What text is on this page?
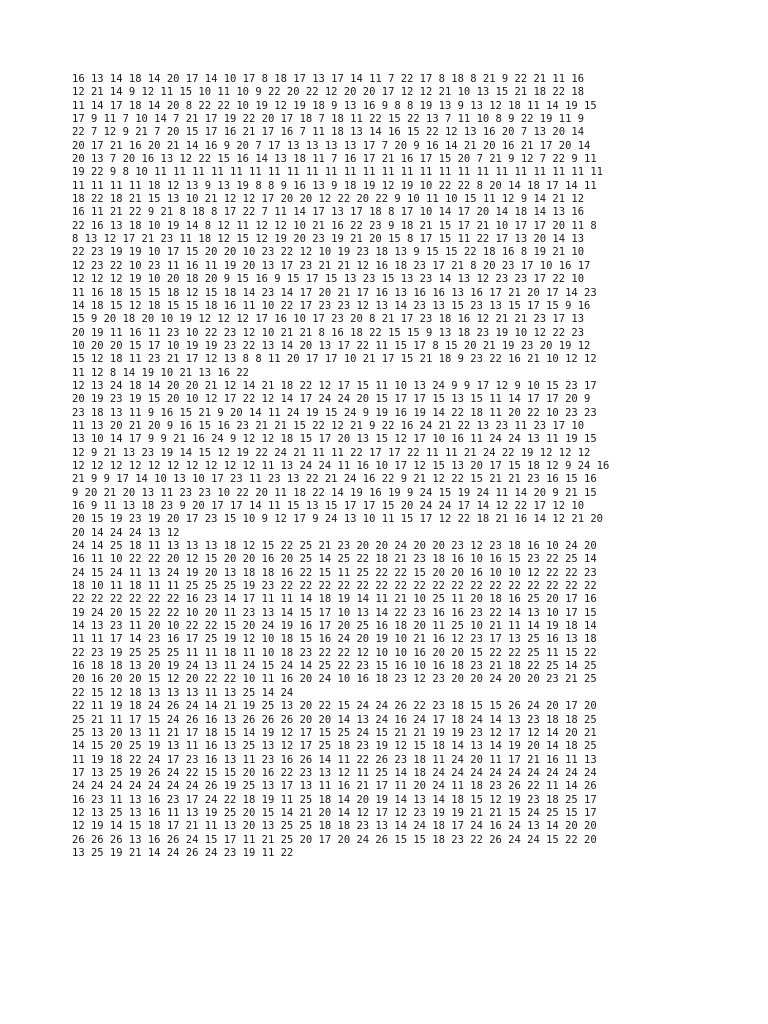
16 13 14 18 14 20 17 14 10 17 8 18 17 13 17 14 11 7 22 17 8 18 8 21 9 22 21 11 16
12 21 14 9 12 11 15 10 11 10 9 22 20 22 12 20 20 17 12 12 21 10 13 15 21 18 22 18
11 14 17 18 14 20 8 22 22 10 19 12 19 18 9 13 16 9 8 8 19 13 9 13 12 18 11 14 19 15
17 9 11 7 10 14 7 21 17 19 22 20 17 18 7 18 11 22 15 22 13 7 11 10 8 9 22 19 11 9
22 7 12 9 21 7 20 15 17 16 21 17 16 7 11 18 13 14 16 15 22 12 13 16 20 7 13 20 14
20 17 21 16 20 21 14 16 9 20 7 17 13 13 13 13 17 7 20 9 16 14 21 20 16 21 17 20 14
20 13 7 20 16 13 12 22 15 16 14 13 18 11 7 16 17 21 16 17 15 20 7 21 9 12 7 22 9 11
19 22 9 8 10 11 11 11 11 11 11 11 11 11 11 11 11 11 11 11 11 11 11 11 11 11 11 11 11
11 11 11 11 18 12 13 9 13 19 8 8 9 16 13 9 18 19 12 19 10 22 22 8 20 14 18 17 14 11
18 22 18 21 15 13 10 21 12 12 17 20 20 12 22 20 22 9 10 11 10 15 11 12 9 14 21 12
16 11 21 22 9 21 8 18 8 17 22 7 11 14 17 13 17 18 8 17 10 14 17 20 14 18 14 13 16
22 16 13 18 10 19 14 8 12 11 12 12 10 21 16 22 23 9 18 21 15 17 21 10 17 17 20 11 8
8 13 12 17 21 23 11 18 12 15 12 19 20 23 19 21 20 15 8 17 15 11 22 17 13 20 14 13
22 23 19 19 10 17 15 20 20 10 23 22 12 10 19 23 18 13 9 15 15 22 18 16 8 19 21 10
12 23 22 10 23 11 16 11 19 20 13 17 23 21 21 12 16 18 23 17 21 8 20 23 17 10 16 17
12 12 12 19 10 20 18 20 9 15 16 9 15 17 15 13 23 15 13 23 14 13 12 23 23 17 22 10
11 16 18 15 15 18 12 15 18 14 23 14 17 20 21 17 16 13 16 16 13 16 17 21 20 17 14 23
14 18 15 12 18 15 15 18 16 11 10 22 17 23 23 12 13 14 23 13 15 23 13 15 17 15 9 16
15 9 20 18 20 10 19 12 12 12 17 16 10 17 23 20 8 21 17 23 18 16 12 21 21 23 17 13
20 19 11 16 11 23 10 22 23 12 10 21 21 8 16 18 22 15 15 9 13 18 23 19 10 12 22 23
10 20 20 15 17 10 19 19 23 22 13 14 20 13 17 22 11 15 17 8 15 20 21 19 23 20 19 12
15 12 18 11 23 21 17 12 13 8 8 11 20 17 17 10 21 17 15 21 18 9 23 22 16 21 10 12 12
11 12 8 14 19 10 21 13 16 22
12 13 24 18 14 20 20 21 12 14 21 18 22 12 17 15 11 10 13 24 9 9 17 12 9 10 15 23 17
20 19 23 19 15 20 10 12 17 22 12 14 17 24 24 20 15 17 17 15 13 15 11 14 17 17 20 9
23 18 13 11 9 16 15 21 9 20 14 11 24 19 15 24 9 19 16 19 14 22 18 11 20 22 10 23 23
11 13 20 21 20 9 16 15 16 23 21 21 15 22 12 21 9 22 16 24 21 22 13 23 11 23 17 10
13 10 14 17 9 9 21 16 24 9 12 12 18 15 17 20 13 15 12 17 10 16 11 24 24 13 11 19 15
12 9 21 13 23 19 14 15 12 19 22 24 21 11 11 22 17 17 22 11 11 21 24 22 19 12 12 12
12 12 12 12 12 12 12 12 12 12 11 13 24 24 11 16 10 17 12 15 13 20 17 15 18 12 9 24 16
21 9 9 17 14 10 13 10 17 23 11 23 13 22 21 24 16 22 9 21 12 22 15 21 21 23 16 15 16
9 20 21 20 13 11 23 23 10 22 20 11 18 22 14 19 16 19 9 24 15 19 24 11 14 20 9 21 15
16 9 11 13 18 23 9 20 17 17 14 11 15 13 15 17 17 15 20 24 24 17 14 12 22 17 12 10
20 15 19 23 19 20 17 23 15 10 9 12 17 9 24 13 10 11 15 17 12 22 18 21 16 14 12 21 20
20 14 24 24 13 12
24 14 25 18 11 13 13 13 18 12 15 22 25 21 23 20 20 24 20 20 23 12 23 18 16 10 24 20
16 11 10 22 22 20 12 15 20 20 16 20 25 14 25 22 18 21 23 18 16 10 16 15 23 22 25 14
24 15 24 11 13 24 19 20 13 18 18 16 22 15 11 25 22 22 15 20 20 16 10 10 12 22 22 23
18 10 11 18 11 11 25 25 25 19 23 22 22 22 22 22 22 22 22 22 22 22 22 22 22 22 22 22
22 22 22 22 22 22 16 23 14 17 11 11 14 18 19 14 11 21 10 25 11 20 18 16 25 20 17 16
19 24 20 15 22 22 10 20 11 23 13 14 15 17 10 13 14 22 23 16 16 23 22 14 13 10 17 15
14 13 23 11 20 10 22 22 15 20 24 19 16 17 20 25 16 18 20 11 25 10 21 11 14 19 18 14
11 11 17 14 23 16 17 25 19 12 10 18 15 16 24 20 19 10 21 16 12 23 17 13 25 16 13 18
22 23 19 25 25 25 11 11 18 11 10 18 23 22 22 12 10 10 16 20 20 15 22 22 25 11 15 22
16 18 18 13 20 19 24 13 11 24 15 24 14 25 22 23 15 16 10 16 18 23 21 18 22 25 14 25
20 16 20 20 15 12 20 22 22 10 11 16 20 24 10 16 18 23 12 23 20 20 24 20 20 23 21 25
22 15 12 18 13 13 13 11 13 25 14 24
22 11 19 18 24 26 24 14 21 19 25 13 20 22 15 24 24 26 22 23 18 15 15 26 24 20 17 20
25 21 11 17 15 24 26 16 13 26 26 26 20 20 14 13 24 16 24 17 18 24 14 13 23 18 18 25
25 13 20 13 11 21 17 18 15 14 19 12 17 15 25 24 15 21 21 19 19 23 12 17 12 14 20 21
14 15 20 25 19 13 11 16 13 25 13 12 17 25 18 23 19 12 15 18 14 13 14 19 20 14 18 25
11 19 18 22 24 17 23 16 13 11 23 16 26 14 11 22 26 23 18 11 24 20 11 17 21 16 11 13
17 13 25 19 26 24 22 15 15 20 16 22 23 13 12 11 25 14 18 24 24 24 24 24 24 24 24 24
24 24 24 24 24 24 24 26 19 25 13 17 13 11 16 21 17 11 20 24 11 18 23 26 22 11 14 26
16 23 11 13 16 23 17 24 22 18 19 11 25 18 14 20 19 14 13 14 18 15 12 19 23 18 25 17
12 13 25 13 16 11 13 19 25 20 15 14 21 20 14 12 17 12 23 19 19 21 21 15 24 25 15 17
12 19 14 15 18 17 21 11 13 20 13 25 25 18 18 23 13 14 24 18 17 24 16 24 13 14 20 20
26 26 26 13 16 26 24 15 17 11 21 25 20 17 20 24 26 15 15 18 23 22 26 24 24 15 22 20
13 25 19 21 14 24 26 24 23 19 11 22
